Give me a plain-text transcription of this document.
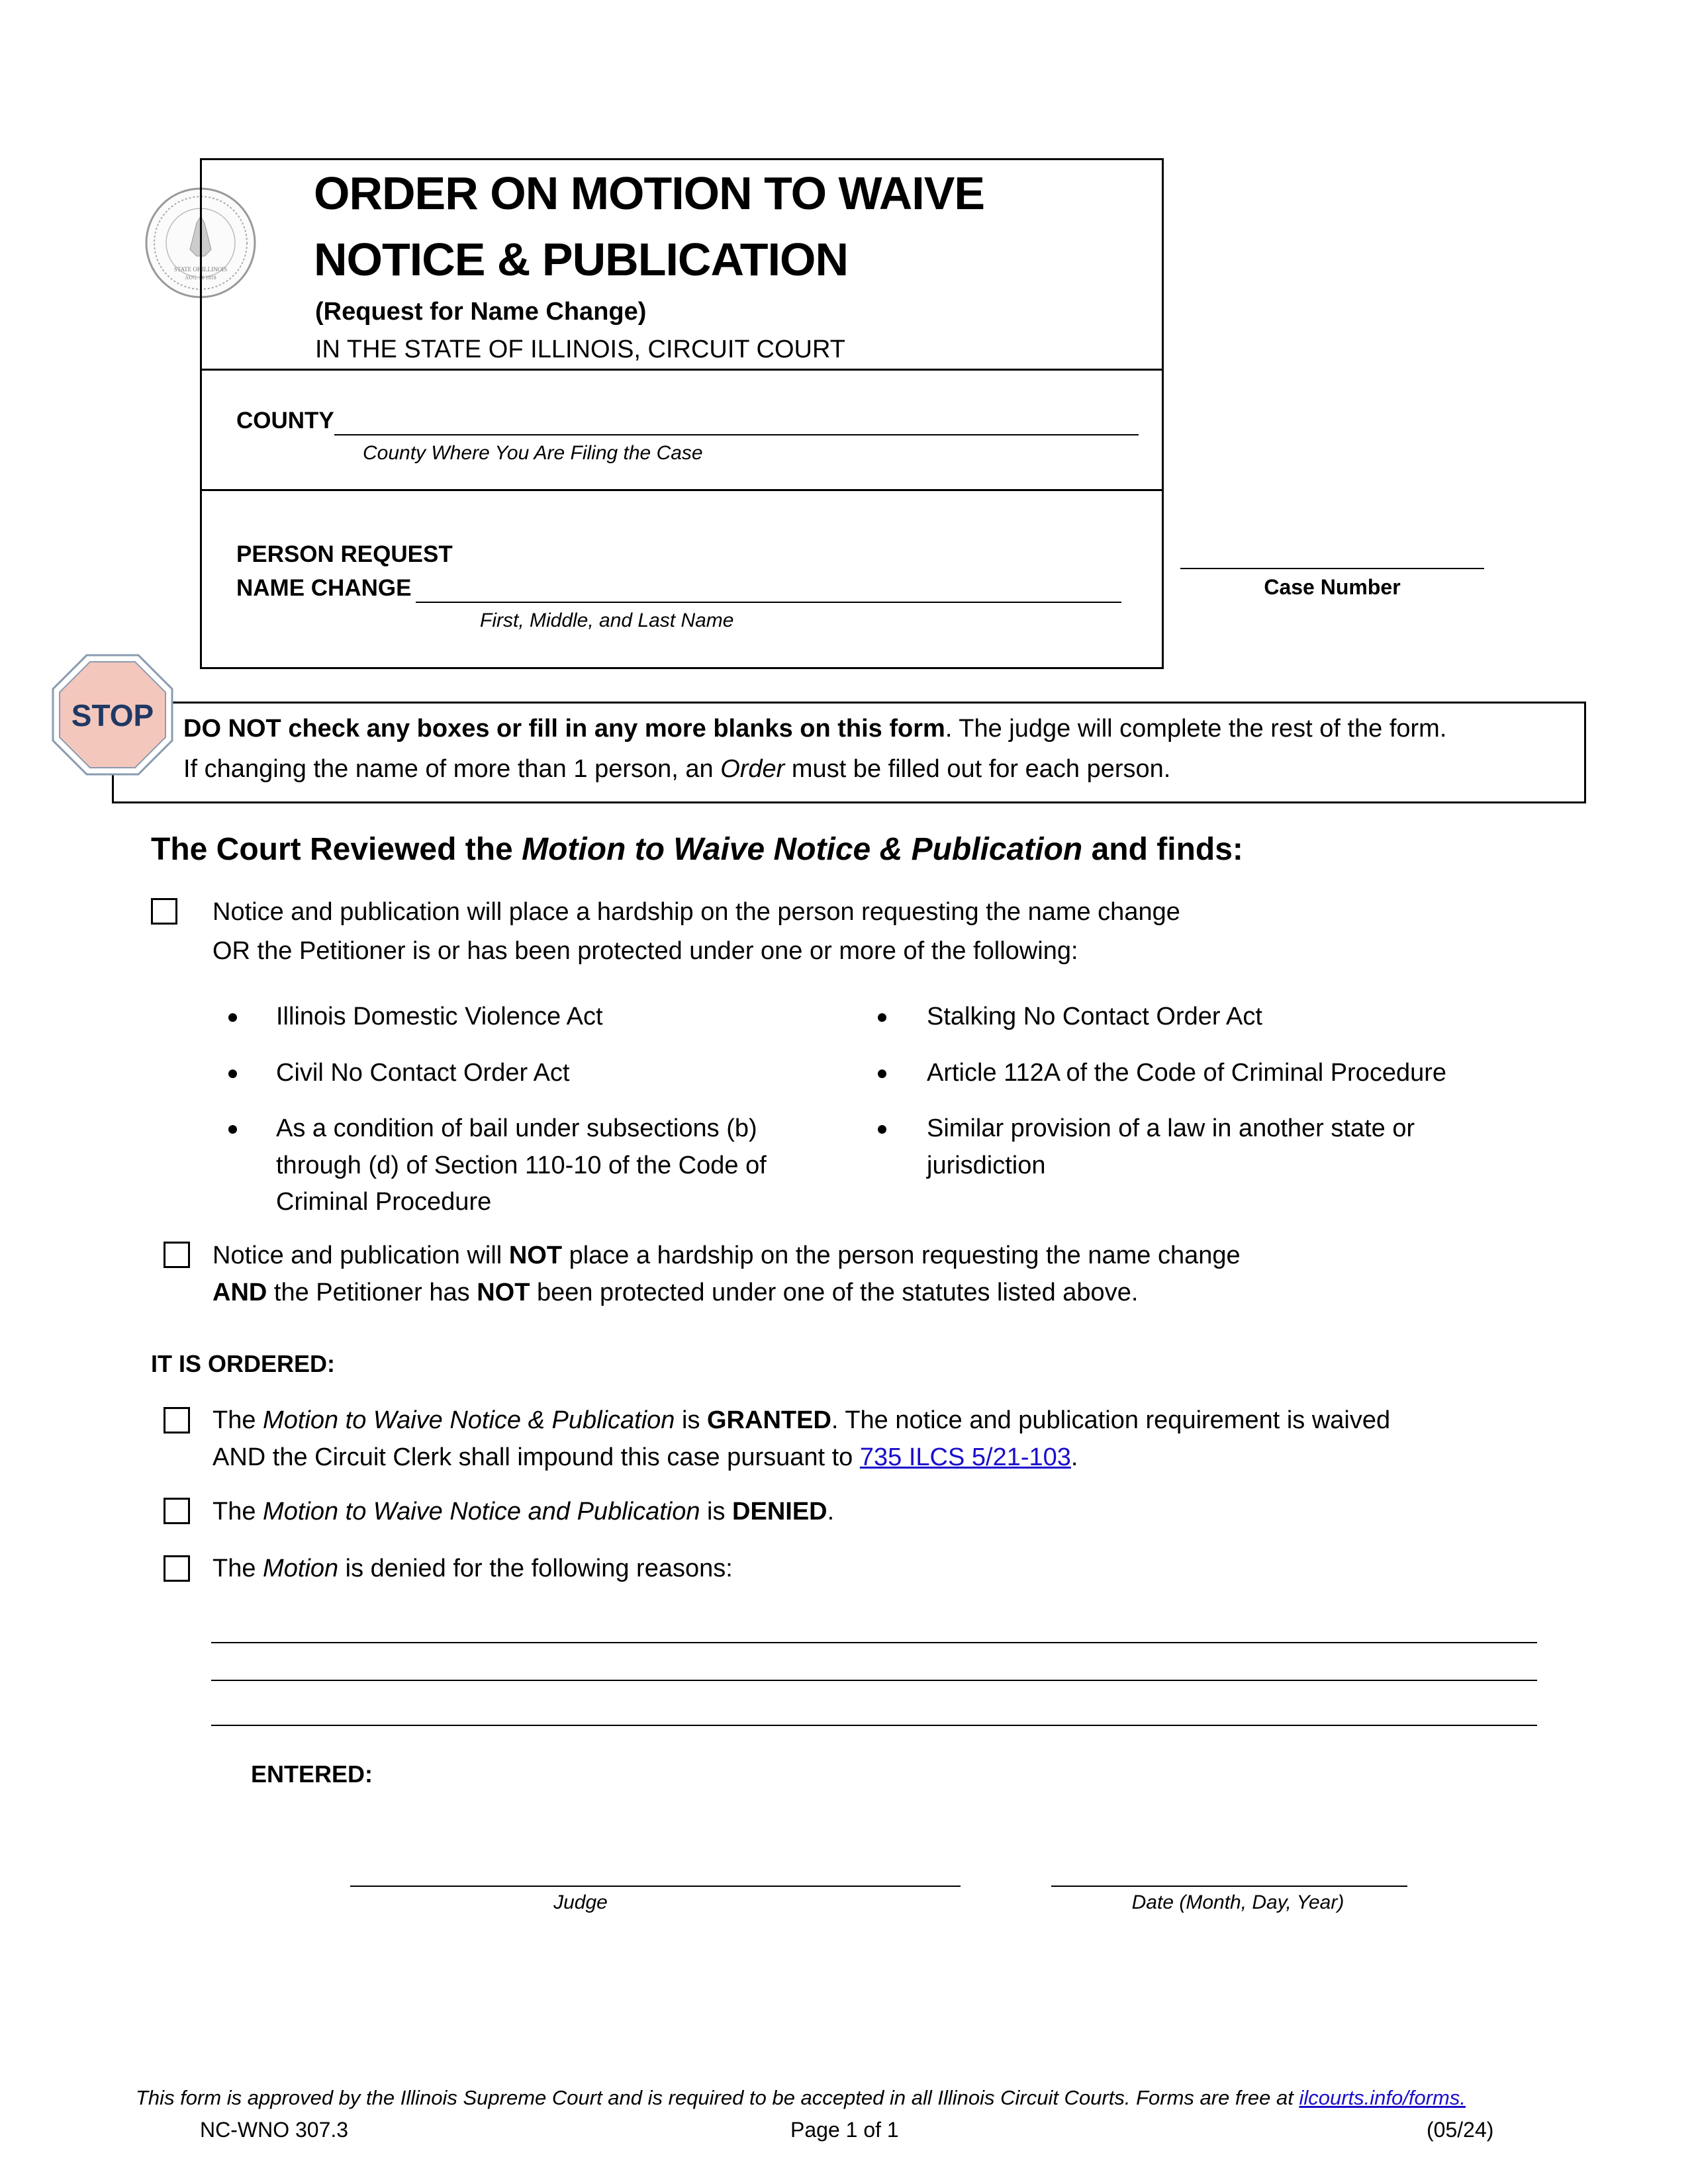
STATE OF ILLINOIS
AUG. 26 1818
ORDER ON MOTION TO WAIVE
NOTICE & PUBLICATION
(Request for Name Change)
IN THE STATE OF ILLINOIS, CIRCUIT COURT
COUNTY
County Where You Are Filing the Case
PERSON REQUEST
NAME CHANGE
First, Middle, and Last Name
Case Number
STOP	DO NOT check any boxes or fill in any more blanks on this form. The judge will complete the rest of the form.
If changing the name of more than 1 person, an Order must be filled out for each person.
The Court Reviewed the Motion to Waive Notice & Publication and finds:
Notice and publication will place a hardship on the person requesting the name change
OR the Petitioner is or has been protected under one or more of the following:
Illinois Domestic Violence Act
Civil No Contact Order Act
As a condition of bail under subsections (b)
through (d) of Section 110-10 of the Code of
Criminal Procedure
Stalking No Contact Order Act
Article 112A of the Code of Criminal Procedure
Similar provision of a law in another state or
jurisdiction
Notice and publication will NOT place a hardship on the person requesting the name change
AND the Petitioner has NOT been protected under one of the statutes listed above.
IT IS ORDERED:
The Motion to Waive Notice & Publication is GRANTED. The notice and publication requirement is waived
AND the Circuit Clerk shall impound this case pursuant to 735 ILCS 5/21-103.
The Motion to Waive Notice and Publication is DENIED.
The Motion is denied for the following reasons:
ENTERED:
Judge	Date (Month, Day, Year)
This form is approved by the Illinois Supreme Court and is required to be accepted in all Illinois Circuit Courts. Forms are free at ilcourts.info/forms.
NC-WNO 307.3	Page 1 of 1	(05/24)
